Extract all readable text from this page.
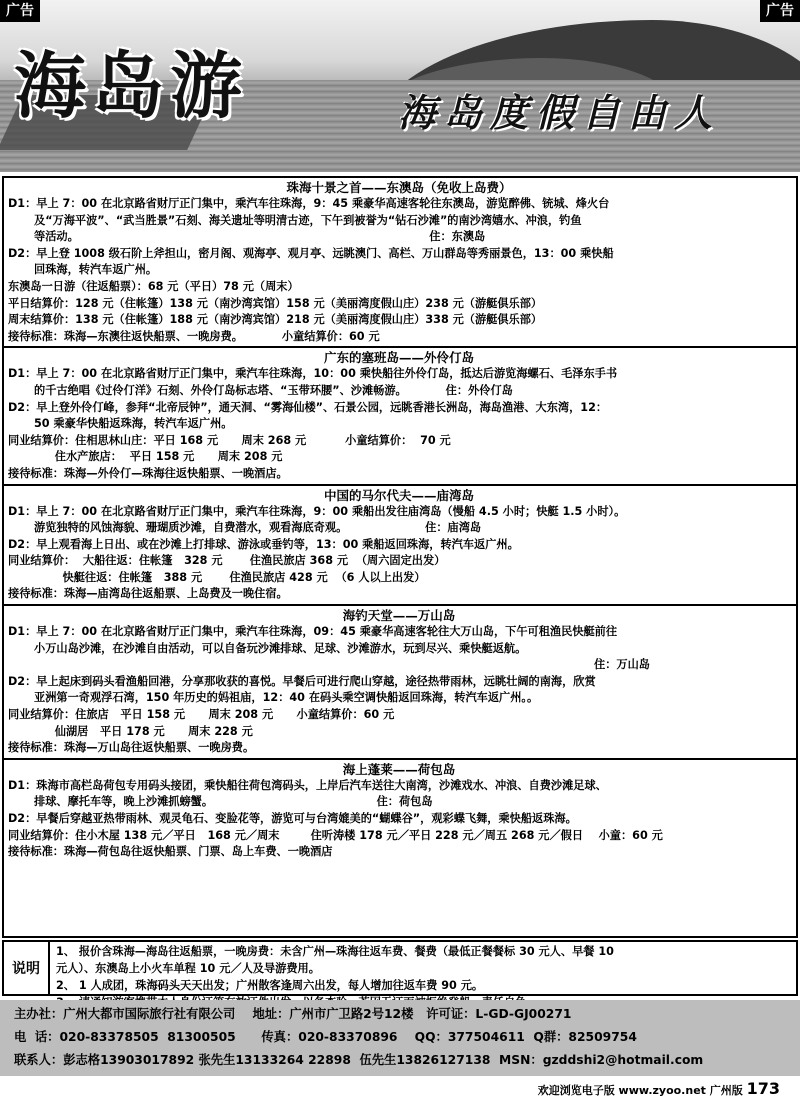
海岛游	海岛度假自由人
广告	广告
珠海十景之首——东澳岛（免收上岛费）
D1：早上 7：00 在北京路省财厅正门集中，乘汽车往珠海，9：45 乘豪华高速客轮往东澳岛，游览醉佛、铳城、烽火台
及“万海平波”、“武当胜景”石刻、海关遗址等明清古迹，下午到被誉为“钻石沙滩”的南沙湾嬉水、冲浪，钓鱼
等活动。                                                                                          住：东澳岛
D2：早上登 1008 级石阶上斧担山，密月阁、观海亭、观月亭、远眺澳门、高栏、万山群岛等秀丽景色，13：00 乘快船
回珠海，转汽车返广州。
东澳岛一日游（往返船票）：68 元（平日）78 元（周末）
平日结算价：128 元（住帐篷）138 元（南沙湾宾馆）158 元（美丽湾度假山庄）238 元（游艇俱乐部）
周末结算价：138 元（住帐篷）188 元（南沙湾宾馆）218 元（美丽湾度假山庄）338 元（游艇俱乐部）
接待标准：珠海—东澳往返快船票、一晚房费。          小童结算价：60 元
广东的塞班岛——外伶仃岛
D1：早上 7：00 在北京路省财厅正门集中，乘汽车往珠海，10：00 乘快船往外伶仃岛，抵达后游览海螺石、毛泽东手书
的千古绝唱《过伶仃洋》石刻、外伶仃岛标志塔、“玉带环腰”、沙滩畅游。          住：外伶仃岛
D2：早上登外伶仃峰，参拜“北帝辰钟”，通天洞、“雾海仙楼”、石景公园，远眺香港长洲岛，海岛渔港、大东湾，12：
50 乘豪华快船返珠海，转汽车返广州。
同业结算价：住相思林山庄：平日 168 元      周末 268 元          小童结算价：  70 元
住水产旅店：  平日 158 元      周末 208 元
接待标准：珠海—外伶仃—珠海往返快船票、一晚酒店。
中国的马尔代夫——庙湾岛
D1：早上 7：00 在北京路省财厅正门集中，乘汽车往珠海，9：00 乘船出发往庙湾岛（慢船 4.5 小时；快艇 1.5 小时）。
游览独特的风蚀海貌、珊瑚质沙滩，自费潜水，观看海底奇观。                    住：庙湾岛
D2：早上观看海上日出、或在沙滩上打排球、游泳或垂钓等，13：00 乘船返回珠海，转汽车返广州。
同业结算价：  大船往返：住帐篷   328 元       住渔民旅店 368 元  （周六固定出发）
快艇往返：住帐篷   388 元       住渔民旅店 428 元  （6 人以上出发）
接待标准：珠海—庙湾岛往返船票、上岛费及一晚住宿。
海钓天堂——万山岛
D1：早上 7：00 在北京路省财厅正门集中，乘汽车往珠海，09：45 乘豪华高速客轮往大万山岛，下午可租渔民快艇前往
小万山岛沙滩，在沙滩自由活动，可以自备玩沙滩排球、足球、沙滩游水，玩到尽兴、乘快艇返航。
住：万山岛
D2：早上起床到码头看渔船回港，分享那收获的喜悦。早餐后可进行爬山穿越，途径热带雨林，远眺壮阔的南海，欣赏
亚洲第一奇观浮石湾，150 年历史的妈祖庙，12：40 在码头乘空调快船返回珠海，转汽车返广州。。
同业结算价：住旅店   平日 158 元      周末 208 元      小童结算价：60 元
仙湖居   平日 178 元      周末 228 元
接待标准：珠海—万山岛往返快船票、一晚房费。
海上蓬莱——荷包岛
D1：珠海市高栏岛荷包专用码头接团，乘快船往荷包湾码头，上岸后汽车送往大南湾，沙滩戏水、冲浪、自费沙滩足球、
排球、摩托车等，晚上沙滩抓螃蟹。                                          住：荷包岛
D2：早餐后穿越亚热带雨林、观灵龟石、变脸花等，游览可与台湾媲美的“蝴蝶谷”，观彩蝶飞舞，乘快船返珠海。
同业结算价：住小木屋 138 元／平日   168 元／周末        住听涛楼 178 元／平日 228 元／周五 268 元／假日    小童：60 元
接待标准：珠海—荷包岛往返快船票、门票、岛上车费、一晚酒店
说明
1、 报价含珠海—海岛往返船票，一晚房费：未含广州—珠海往返车费、餐费（最低正餐餐标 30 元人、早餐 10
元人）、东澳岛上小火车单程 10 元／人及导游费用。
2、 1 人成团，珠海码头天天出发；广州散客逢周六出发，每人增加往返车费 90 元。
主办社：广州大都市国际旅行社有限公司    地址：广州市广卫路2号12楼   许可证：L-GD-GJ00271
电  话：020-83378505  81300505      传真：020-83370896    QQ：377504611  Q群：82509754
联系人：彭志格13903017892 张先生13133264 22898  伍先生13826127138  MSN：gzddshi2@hotmail.com
欢迎浏览电子版 www.zyoo.net 广州版 173
